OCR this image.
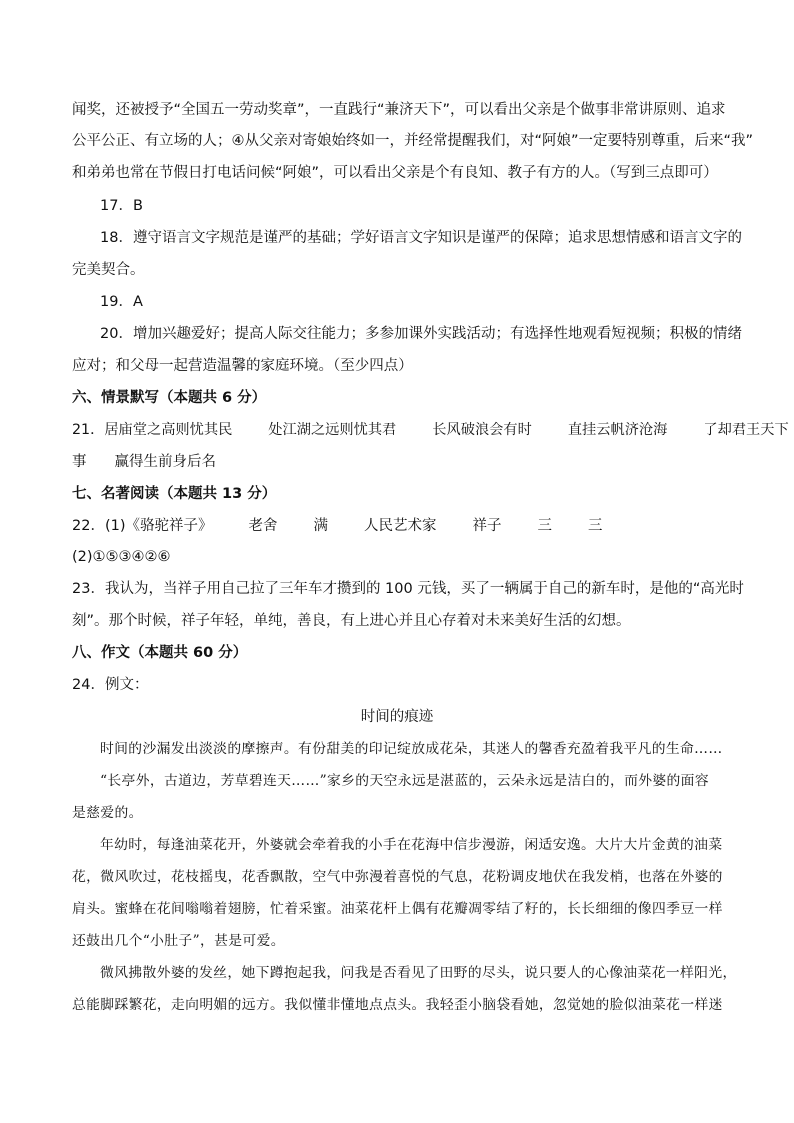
闻奖，还被授予“全国五一劳动奖章”，一直践行“兼济天下”，可以看出父亲是个做事非常讲原则、追求
公平公正、有立场的人；④从父亲对寄娘始终如一，并经常提醒我们，对“阿娘”一定要特别尊重，后来“我”
和弟弟也常在节假日打电话问候“阿娘”，可以看出父亲是个有良知、教子有方的人。（写到三点即可）
17．B
18．遵守语言文字规范是谨严的基础；学好语言文字知识是谨严的保障；追求思想情感和语言文字的
完美契合。
19．A
20．增加兴趣爱好；提高人际交往能力；多参加课外实践活动；有选择性地观看短视频；积极的情绪
应对；和父母一起营造温馨的家庭环境。（至少四点）
六、情景默写（本题共 6 分）
21．居庙堂之高则忧其民	处江湖之远则忧其君	长风破浪会有时	直挂云帆济沧海	了却君王天下
事 赢得生前身后名
七、名著阅读（本题共 13 分）
22．(1)《骆驼祥子》 老舍 满 人民艺术家 祥子 三 三
(2)①⑤③④②⑥
23．我认为，当祥子用自己拉了三年车才攒到的 100 元钱，买了一辆属于自己的新车时，是他的“高光时
刻”。那个时候，祥子年轻，单纯，善良，有上进心并且心存着对未来美好生活的幻想。
八、作文（本题共 60 分）
24．例文：
时间的痕迹
时间的沙漏发出淡淡的摩擦声。有份甜美的印记绽放成花朵，其迷人的馨香充盈着我平凡的生命……
“长亭外，古道边，芳草碧连天……”家乡的天空永远是湛蓝的，云朵永远是洁白的，而外婆的面容
是慈爱的。
年幼时，每逢油菜花开，外婆就会牵着我的小手在花海中信步漫游，闲适安逸。大片大片金黄的油菜
花，微风吹过，花枝摇曳，花香飘散，空气中弥漫着喜悦的气息，花粉调皮地伏在我发梢，也落在外婆的
肩头。蜜蜂在花间嗡嗡着翅膀，忙着采蜜。油菜花杆上偶有花瓣凋零结了籽的，长长细细的像四季豆一样
还鼓出几个“小肚子”，甚是可爱。
微风拂散外婆的发丝，她下蹲抱起我，问我是否看见了田野的尽头，说只要人的心像油菜花一样阳光，
总能脚踩繁花，走向明媚的远方。我似懂非懂地点点头。我轻歪小脑袋看她，忽觉她的脸似油菜花一样迷
